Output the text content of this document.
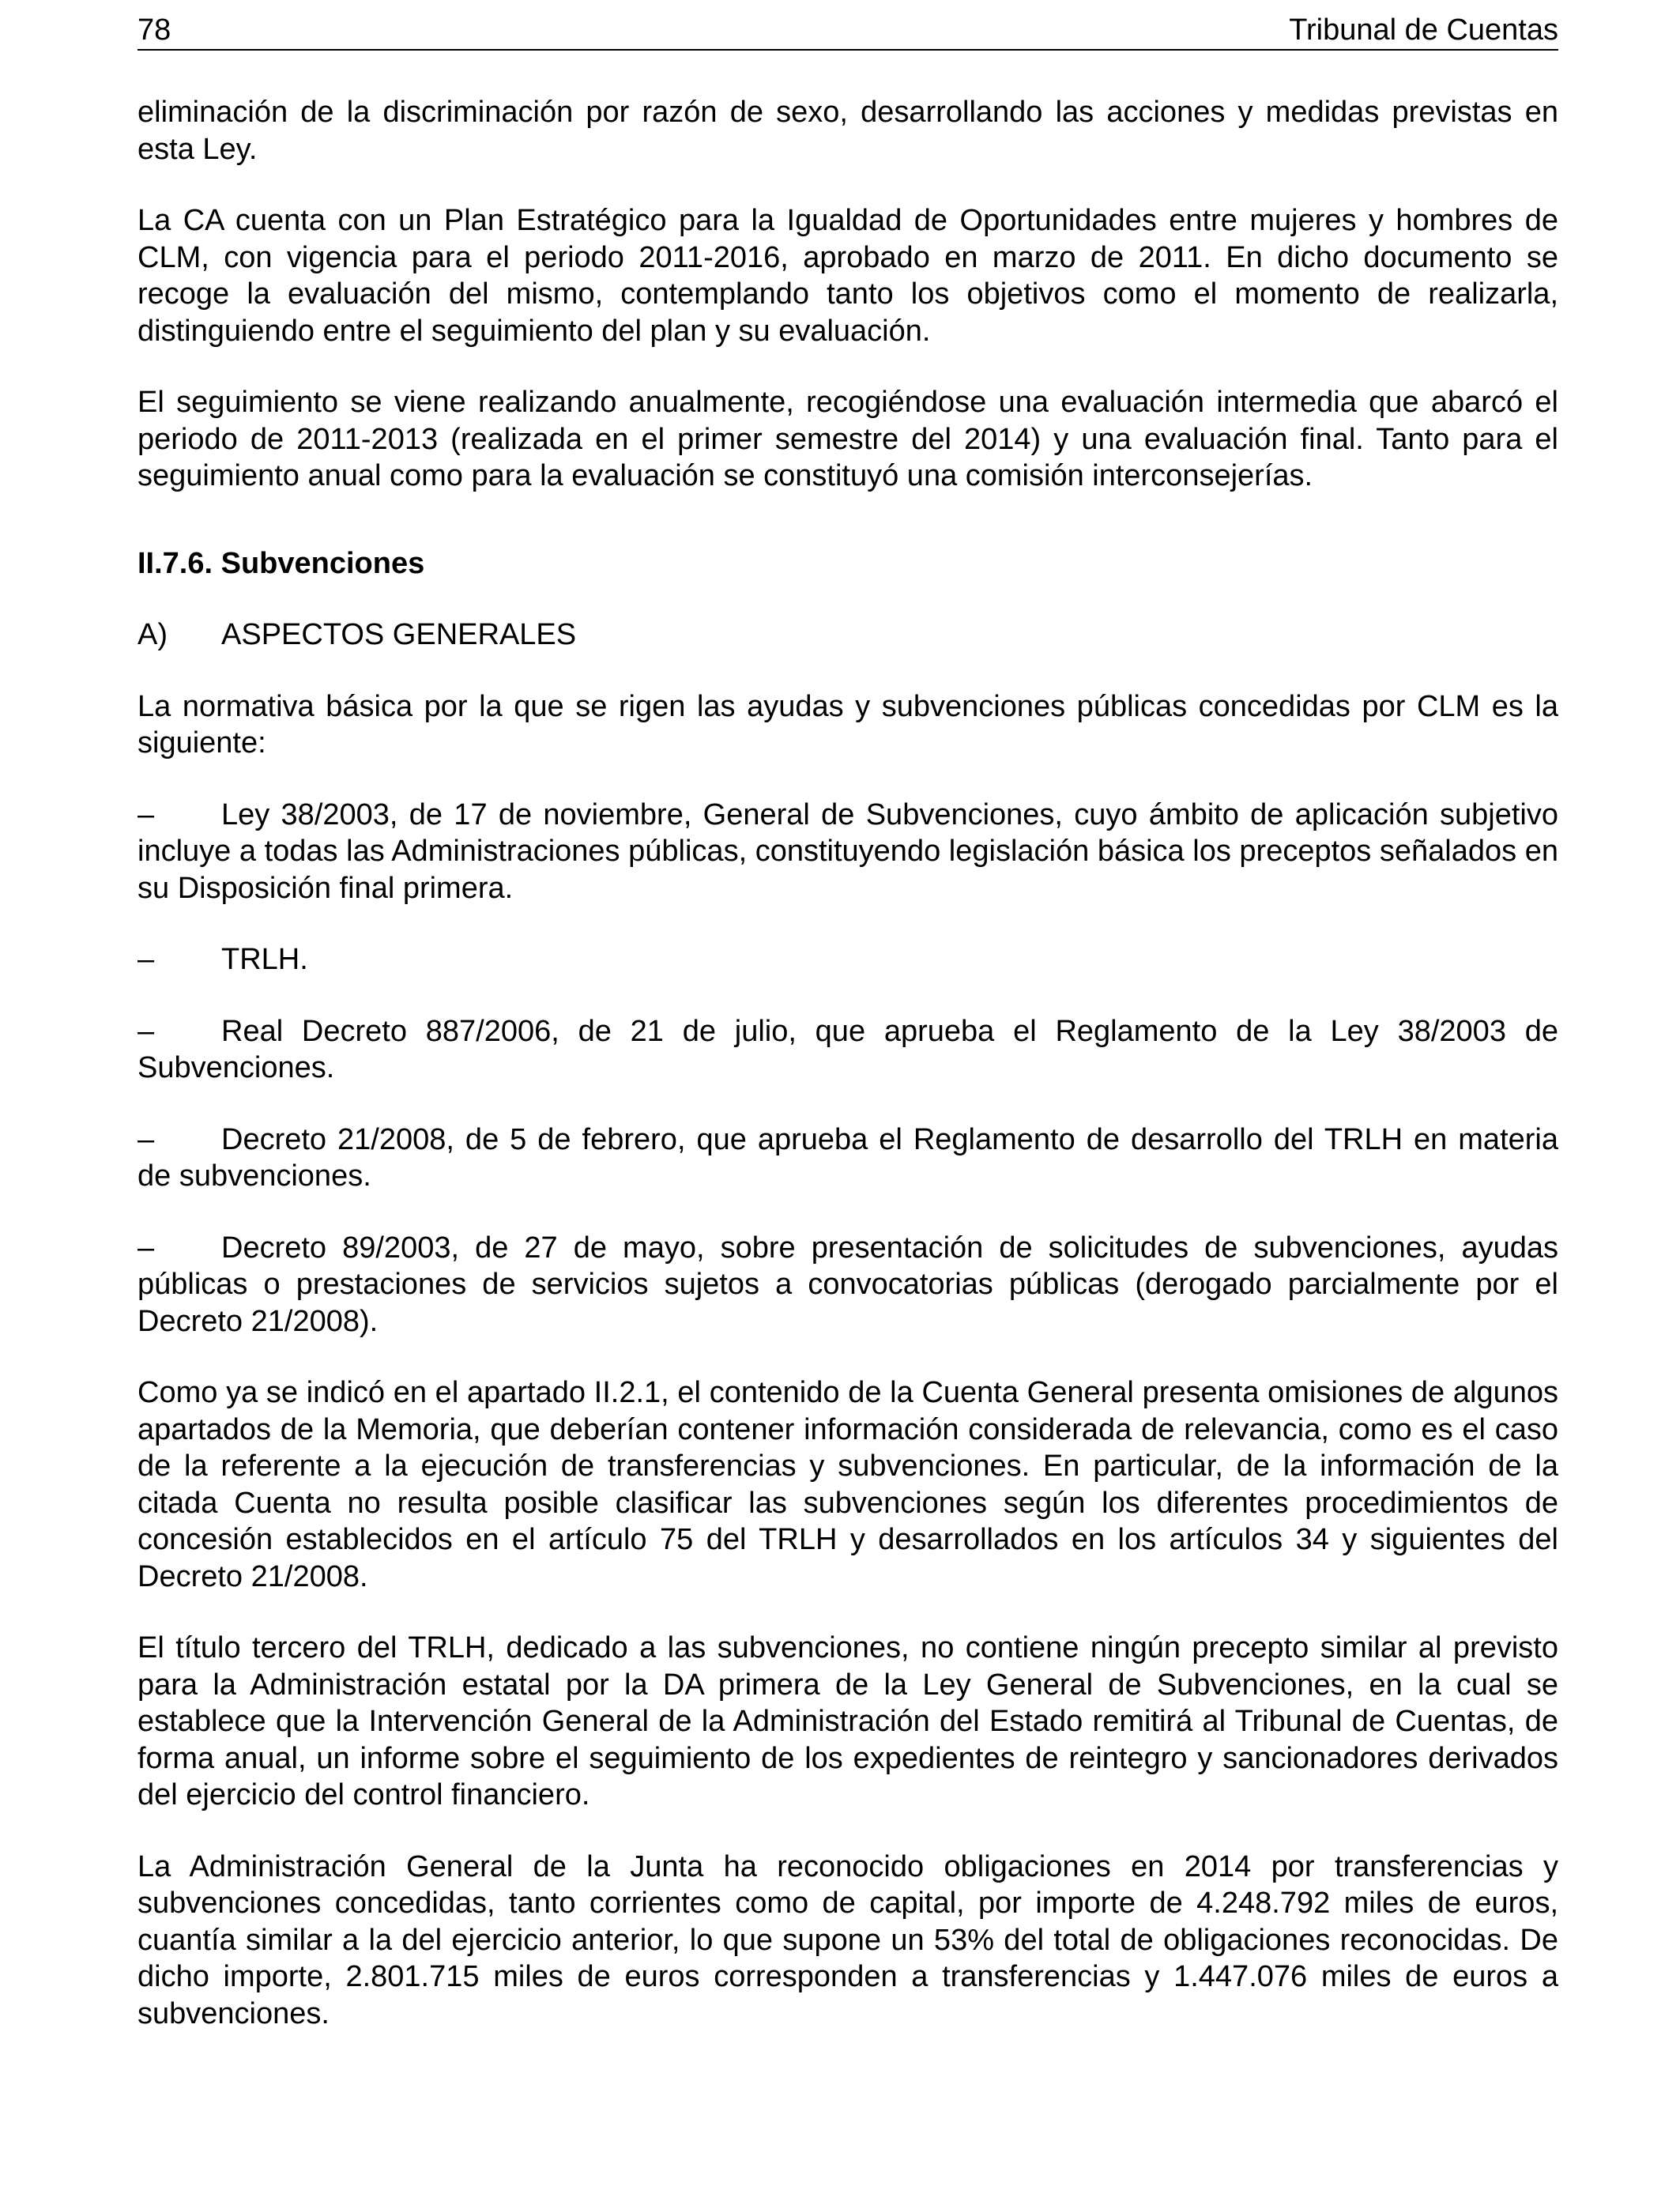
78	Tribunal de Cuentas

eliminación de la discriminación por razón de sexo, desarrollando las acciones y medidas previstas en esta Ley.

La CA cuenta con un Plan Estratégico para la Igualdad de Oportunidades entre mujeres y hombres de CLM, con vigencia para el periodo 2011-2016, aprobado en marzo de 2011. En dicho documento se recoge la evaluación del mismo, contemplando tanto los objetivos como el momento de realizarla, distinguiendo entre el seguimiento del plan y su evaluación.

El seguimiento se viene realizando anualmente, recogiéndose una evaluación intermedia que abarcó el periodo de 2011-2013 (realizada en el primer semestre del 2014) y una evaluación final. Tanto para el seguimiento anual como para la evaluación se constituyó una comisión interconsejerías.

II.7.6. Subvenciones
A) ASPECTOS GENERALES

La normativa básica por la que se rigen las ayudas y subvenciones públicas concedidas por CLM es la siguiente:

– Ley 38/2003, de 17 de noviembre, General de Subvenciones, cuyo ámbito de aplicación subjetivo incluye a todas las Administraciones públicas, constituyendo legislación básica los preceptos señalados en su Disposición final primera.

– TRLH.

– Real Decreto 887/2006, de 21 de julio, que aprueba el Reglamento de la Ley 38/2003 de Subvenciones.

– Decreto 21/2008, de 5 de febrero, que aprueba el Reglamento de desarrollo del TRLH en materia de subvenciones.

– Decreto 89/2003, de 27 de mayo, sobre presentación de solicitudes de subvenciones, ayudas públicas o prestaciones de servicios sujetos a convocatorias públicas (derogado parcialmente por el Decreto 21/2008).

Como ya se indicó en el apartado II.2.1, el contenido de la Cuenta General presenta omisiones de algunos apartados de la Memoria, que deberían contener información considerada de relevancia, como es el caso de la referente a la ejecución de transferencias y subvenciones. En particular, de la información de la citada Cuenta no resulta posible clasificar las subvenciones según los diferentes procedimientos de concesión establecidos en el artículo 75 del TRLH y desarrollados en los artículos 34 y siguientes del Decreto 21/2008.

El título tercero del TRLH, dedicado a las subvenciones, no contiene ningún precepto similar al previsto para la Administración estatal por la DA primera de la Ley General de Subvenciones, en la cual se establece que la Intervención General de la Administración del Estado remitirá al Tribunal de Cuentas, de forma anual, un informe sobre el seguimiento de los expedientes de reintegro y sancionadores derivados del ejercicio del control financiero.

La Administración General de la Junta ha reconocido obligaciones en 2014 por transferencias y subvenciones concedidas, tanto corrientes como de capital, por importe de 4.248.792 miles de euros, cuantía similar a la del ejercicio anterior, lo que supone un 53% del total de obligaciones reconocidas. De dicho importe, 2.801.715 miles de euros corresponden a transferencias y 1.447.076 miles de euros a subvenciones.
